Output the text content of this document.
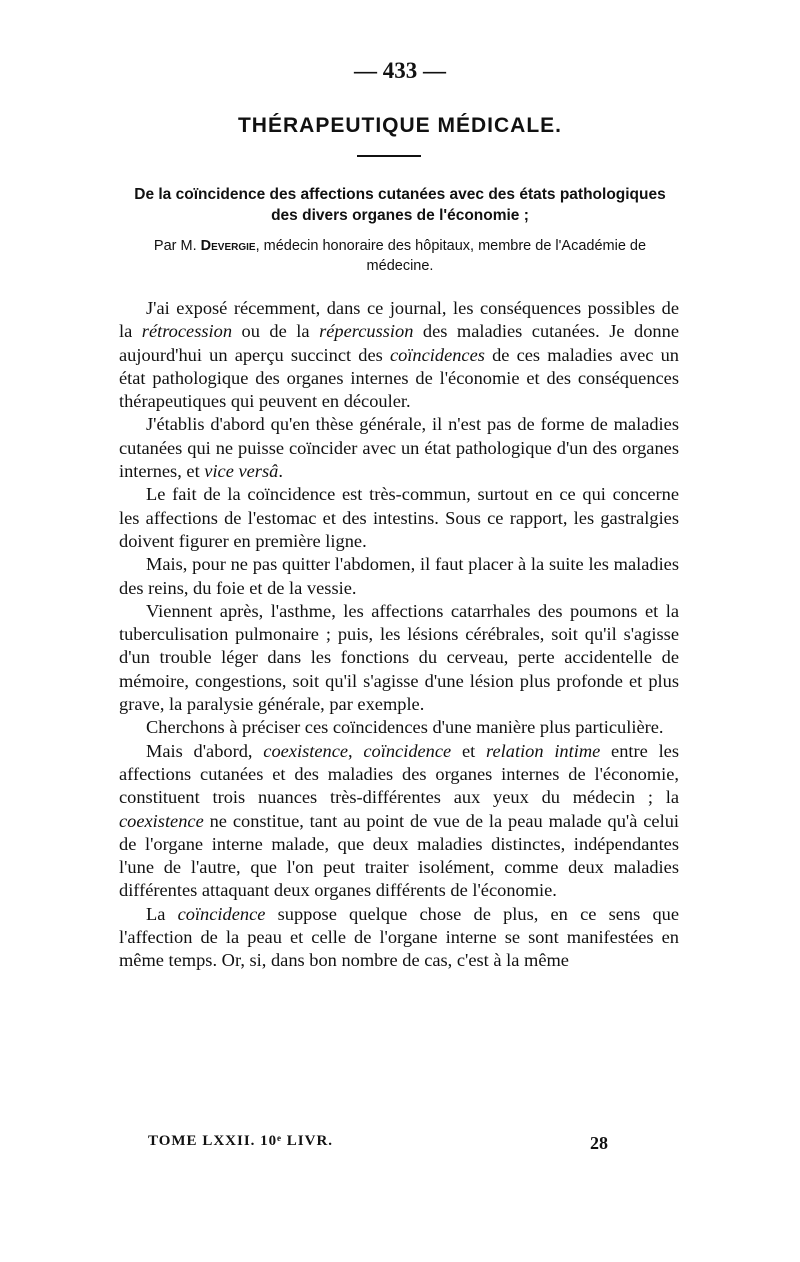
— 433 —
THÉRAPEUTIQUE MÉDICALE.
De la coïncidence des affections cutanées avec des états pathologiques des divers organes de l'économie ;
Par M. Devergie, médecin honoraire des hôpitaux, membre de l'Académie de médecine.

J'ai exposé récemment, dans ce journal, les conséquences possibles de la rétrocession ou de la répercussion des maladies cutanées. Je donne aujourd'hui un aperçu succinct des coïncidences de ces maladies avec un état pathologique des organes internes de l'économie et des conséquences thérapeutiques qui peuvent en découler.

J'établis d'abord qu'en thèse générale, il n'est pas de forme de maladies cutanées qui ne puisse coïncider avec un état pathologique d'un des organes internes, et vice versâ.

Le fait de la coïncidence est très-commun, surtout en ce qui concerne les affections de l'estomac et des intestins. Sous ce rapport, les gastralgies doivent figurer en première ligne.

Mais, pour ne pas quitter l'abdomen, il faut placer à la suite les maladies des reins, du foie et de la vessie.

Viennent après, l'asthme, les affections catarrhales des poumons et la tuberculisation pulmonaire ; puis, les lésions cérébrales, soit qu'il s'agisse d'un trouble léger dans les fonctions du cerveau, perte accidentelle de mémoire, congestions, soit qu'il s'agisse d'une lésion plus profonde et plus grave, la paralysie générale, par exemple.

Cherchons à préciser ces coïncidences d'une manière plus particulière.

Mais d'abord, coexistence, coïncidence et relation intime entre les affections cutanées et des maladies des organes internes de l'économie, constituent trois nuances très-différentes aux yeux du médecin ; la coexistence ne constitue, tant au point de vue de la peau malade qu'à celui de l'organe interne malade, que deux maladies distinctes, indépendantes l'une de l'autre, que l'on peut traiter isolément, comme deux maladies différentes attaquant deux organes différents de l'économie.

La coïncidence suppose quelque chose de plus, en ce sens que l'affection de la peau et celle de l'organe interne se sont manifestées en même temps. Or, si, dans bon nombre de cas, c'est à la même

TOME LXXII. 10ᵉ LIVR.	28
